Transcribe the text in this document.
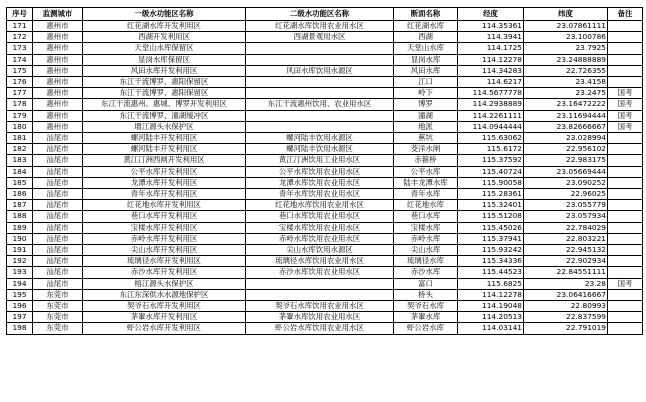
序号	监测城市	一级水功能区名称	二级水功能区名称	断面名称	经度	纬度	备注
171	惠州市	红花湖水库开发利用区	红花湖水库饮用农业用水区	红花湖水库	114.35361	23.07861111	
172	惠州市	西湖开发利用区	西湖景观用水区	西湖	114.3941	23.100786	
173	惠州市	天堂山水库保留区		天堂山水库	114.1725	23.7925	
174	惠州市	显岗水库保留区		显岗水库	114.12278	23.24888889	
175	惠州市	风田水库开发利用区	风田水库饮用水源区	风田水库	114.34283	22.726355	
176	惠州市	东江干流博罗、惠阳保留区		江口	114.6217	23.4158	
177	惠州市	东江干流博罗、惠阳保留区		岭下	114.5677778	23.2475	国考
178	惠州市	东江干流惠州、惠城、博罗开发利用区	东江干流惠州饮用、农业用水区	博罗	114.2938889	23.16472222	国考
179	惠州市	东江干流博罗、潼湖缓冲区		潼湖	114.2261111	23.11694444	国考
180	惠州市	增江源头水保护区		地派	114.0944444	23.82666667	国考
181	汕尾市	螺河陆丰开发利用区	螺河陆丰饮用水源区	蕉坑	115.63062	23.028994	
182	汕尾市	螺河陆丰开发利用区	螺河陆丰饮用水源区	茭洋水闸	115.6172	22.956102	
183	汕尾市	黄江汀洲西闸开发利用区	黄江汀洲饮用工业用水区	赤箍桥	115.37592	22.983175	
184	汕尾市	公平水库开发利用区	公平水库饮用农业用水区	公平水库	115.40724	23.05669444	
185	汕尾市	龙潭水库开发利用区	龙潭水库饮用农业用水区	陆丰龙潭水库	115.90058	23.090252	
186	汕尾市	青年水库开发利用区	青年水库饮用农业用水区	青年水库	115.28361	22.96025	
187	汕尾市	红花地水库开发利用区	红花地水库饮用农业用水区	红花地水库	115.32401	23.055779	
188	汕尾市	巷口水库开发利用区	巷口水库饮用农业用水区	巷口水库	115.51208	23.057934	
189	汕尾市	宝楼水库开发利用区	宝楼水库饮用农业用水区	宝楼水库	115.45026	22.784029	
190	汕尾市	赤岭水库开发利用区	赤岭水库饮用农业用水区	赤岭水库	115.37941	22.803221	
191	汕尾市	尖山水库开发利用区	尖山水库饮用水源区	尖山水库	115.93242	22.945132	
192	汕尾市	琉璃径水库开发利用区	琉璃径水库饮用农业用水区	琉璃径水库	115.34336	22.902934	
193	汕尾市	赤沙水库开发利用区	赤沙水库饮用农业用水区	赤沙水库	115.44523	22.84551111	
194	汕尾市	榕江源头水保护区		富口	115.6825	23.28	国考
195	东莞市	东江东深供水水源地保护区		桥头	114.12278	23.06416667	
196	东莞市	契爷石水库开发利用区	契爷石水库饮用农业用水区	契爷石水库	114.19048	22.80993	
197	东莞市	茅輋水库开发利用区	茅輋水库饮用农业用水区	茅輋水库	114.20513	22.837599	
198	东莞市	虾公岩水库开发利用区	虾公岩水库饮用农业用水区	虾公岩水库	114.03141	22.791019	
